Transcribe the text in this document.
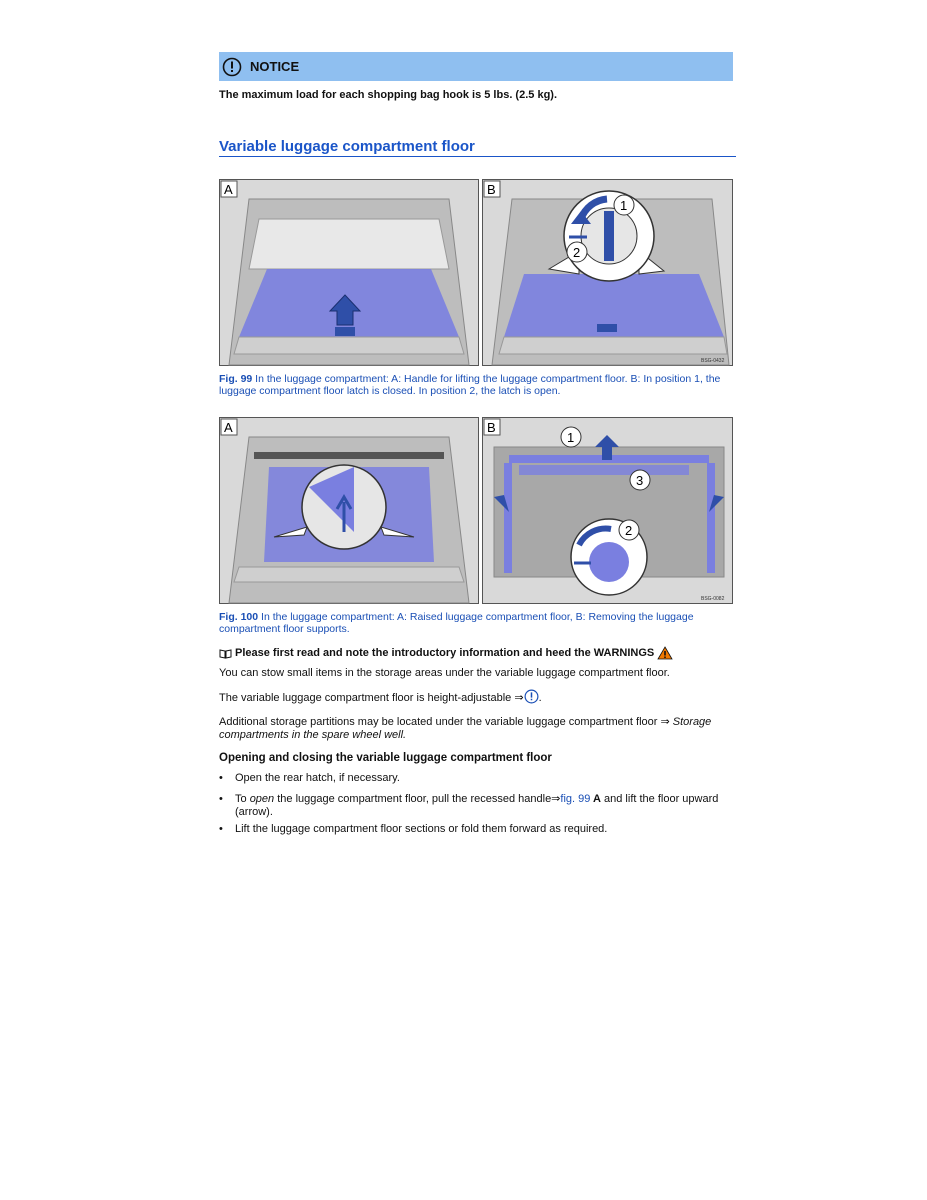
NOTICE
The maximum load for each shopping bag hook is 5 lbs. (2.5 kg).
Variable luggage compartment floor
A
1
2
B
BSG-0432
Fig. 99 In the luggage compartment: A: Handle for lifting the luggage compartment floor. B: In position 1, the luggage compartment floor latch is closed. In position 2, the latch is open.
A
1
2
3
B
BSG-0082
Fig. 100 In the luggage compartment: A: Raised luggage compartment floor, B: Removing the luggage compartment floor supports.
Please first read and note the introductory information and heed the WARNINGS
You can stow small items in the storage areas under the variable luggage compartment floor.
The variable luggage compartment floor is height-adjustable ⇒ .
Additional storage partitions may be located under the variable luggage compartment floor ⇒ Storage compartments in the spare wheel well.
Opening and closing the variable luggage compartment floor
•	Open the rear hatch, if necessary.
•	To open the luggage compartment floor, pull the recessed handle⇒fig. 99 A and lift the floor upward (arrow).
•	Lift the luggage compartment floor sections or fold them forward as required.
